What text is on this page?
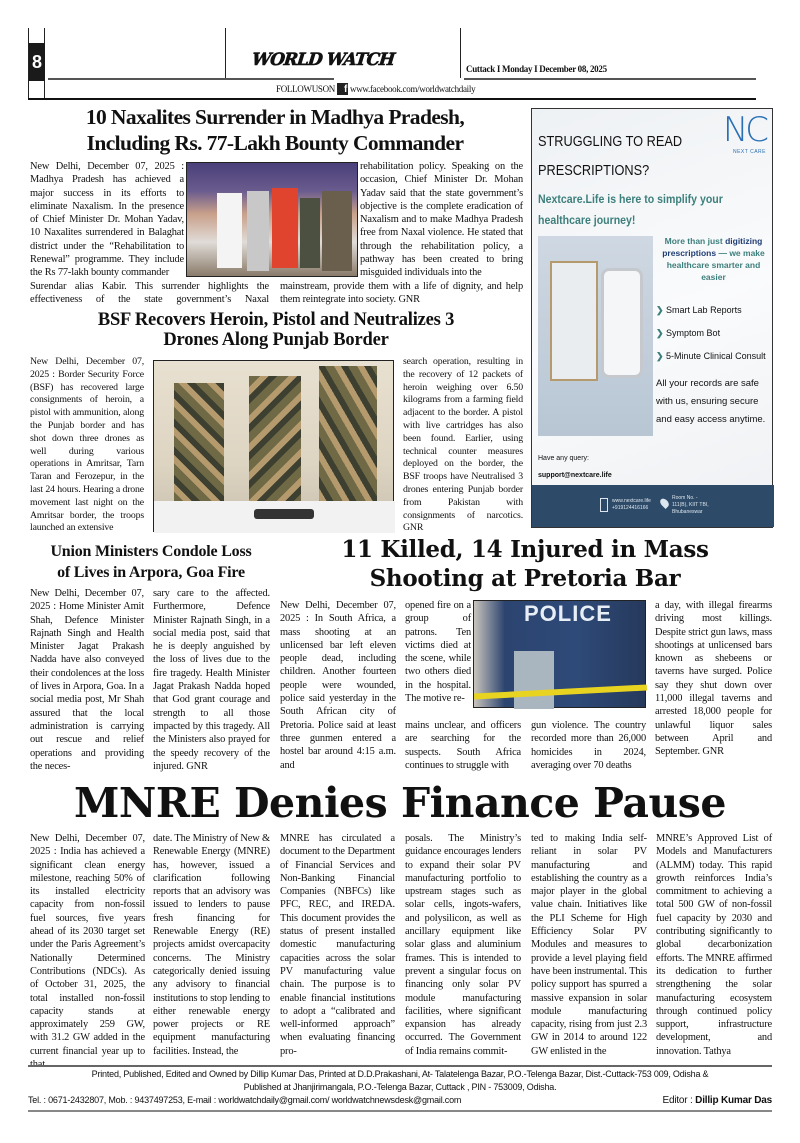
8	WORLD WATCH	Cuttack I Monday I December 08, 2025
FOLLOWUSON f www.facebook.com/worldwatchdaily
10 Naxalites Surrender in Madhya Pradesh,
Including Rs. 77-Lakh Bounty Commander
New Delhi, December 07, 2025 : Madhya Pradesh has achieved a major success in its efforts to eliminate Naxalism. In the presence of Chief Minister Dr. Mohan Yadav, 10 Naxalites surrendered in Balaghat district under the “Rehabilitation to Renewal” programme. They include the Rs 77-lakh bounty commander
rehabilitation policy. Speaking on the occasion, Chief Minister Dr. Mohan Yadav said that the state government’s objective is the complete eradication of Naxalism and to make Madhya Pradesh free from Naxal violence. He stated that through the rehabilitation policy, a pathway has been created to bring misguided individuals into the
Surendar alias Kabir. This surrender highlights the effectiveness of the state government’s Naxal
mainstream, provide them with a life of dignity, and help them reintegrate into society. GNR
BSF Recovers Heroin, Pistol and Neutralizes 3
Drones Along Punjab Border
New Delhi, December 07, 2025 : Border Security Force (BSF) has recovered large consignments of heroin, a pistol with ammunition, along the Punjab border and has shot down three drones as well during various operations in Amritsar, Tarn Taran and Ferozepur, in the last 24 hours. Hearing a drone movement last night on the Amritsar border, the troops launched an extensive
search operation, resulting in the recovery of 12 packets of heroin weighing over 6.50 kilograms from a farming field adjacent to the border. A pistol with live cartridges has also been found. Earlier, using technical counter measures deployed on the border, the BSF troops have Neutralised 3 drones entering Punjab border from Pakistan with consignments of narcotics. GNR
Union Ministers Condole Loss
of Lives in Arpora, Goa Fire
New Delhi, December 07, 2025 : Home Minister Amit Shah, Defence Minister Rajnath Singh and Health Minister Jagat Prakash Nadda have also conveyed their condolences at the loss of lives in Arpora, Goa. In a social media post, Mr Shah assured that the local administration is carrying out rescue and relief operations and providing the neces-
sary care to the affected. Furthermore, Defence Minister Rajnath Singh, in a social media post, said that he is deeply anguished by the loss of lives due to the fire tragedy. Health Minister Jagat Prakash Nadda hoped that God grant courage and strength to all those impacted by this tragedy. All the Ministers also prayed for the speedy recovery of the injured. GNR
11 Killed, 14 Injured in Mass
Shooting at Pretoria Bar
New Delhi, December 07, 2025 : In South Africa, a mass shooting at an unlicensed bar left eleven people dead, including children. Another fourteen people were wounded, police said yesterday in the South African city of Pretoria. Police said at least three gunmen entered a hostel bar around 4:15 a.m. and
opened fire on a group of patrons. Ten victims died at the scene, while two others died in the hospital. The motive re-
POLICE
mains unclear, and officers are searching for the suspects. South Africa continues to struggle with
gun violence. The country recorded more than 26,000 homicides in 2024, averaging over 70 deaths
a day, with illegal firearms driving most killings. Despite strict gun laws, mass shootings at unlicensed bars known as shebeens or taverns have surged. Police say they shut down over 11,000 illegal taverns and arrested 18,000 people for unlawful liquor sales between April and September. GNR
NC
NEXT CARE
STRUGGLING TO READ
PRESCRIPTIONS?
Nextcare.Life is here to simplify your
healthcare journey!
More than just digitizing prescriptions — we make healthcare smarter and easier
❯ Smart Lab Reports
❯ Symptom Bot
❯ 5-Minute Clinical Consult
All your records are safe with us, ensuring secure and easy access anytime.
Have any query:
support@nextcare.life
www.nextcare.life
+919124416166
Room No. - 111(B), KIIT TBI, Bhubaneswar
MNRE Denies Finance Pause
New Delhi, December 07, 2025 : India has achieved a significant clean energy milestone, reaching 50% of its installed electricity capacity from non-fossil fuel sources, five years ahead of its 2030 target set under the Paris Agreement’s Nationally Determined Contributions (NDCs). As of October 31, 2025, the total installed non-fossil capacity stands at approximately 259 GW, with 31.2 GW added in the current financial year up to
date. The Ministry of New & Renewable Energy (MNRE) has, however, issued a clarification following reports that an advisory was issued to lenders to pause fresh financing for Renewable Energy (RE) projects amidst overcapacity concerns. The Ministry categorically denied issuing any advisory to financial institutions to stop lending to either renewable energy power projects or RE equipment manufacturing facilities. Instead, the
MNRE has circulated a document to the Department of Financial Services and Non-Banking Financial Companies (NBFCs) like PFC, REC, and IREDA. This document provides the status of present installed domestic manufacturing capacities across the solar PV manufacturing value chain. The purpose is to enable financial institutions to adopt a “calibrated and well-informed approach” when evaluating financing pro-
posals. The Ministry’s guidance encourages lenders to expand their solar PV manufacturing portfolio to upstream stages such as solar cells, ingots-wafers, and polysilicon, as well as ancillary equipment like solar glass and aluminium frames. This is intended to prevent a singular focus on financing only solar PV module manufacturing facilities, where significant expansion has already occurred. The Government of India remains commit-
ted to making India self-reliant in solar PV manufacturing and establishing the country as a major player in the global value chain. Initiatives like the PLI Scheme for High Efficiency Solar PV Modules and measures to provide a level playing field have been instrumental. This policy support has spurred a massive expansion in solar module manufacturing capacity, rising from just 2.3 GW in 2014 to around 122 GW enlisted in the
MNRE’s Approved List of Models and Manufacturers (ALMM) today. This rapid growth reinforces India’s commitment to achieving a total 500 GW of non-fossil fuel capacity by 2030 and contributing significantly to global decarbonization efforts. The MNRE affirmed its dedication to further strengthening the solar manufacturing ecosystem through continued policy support, infrastructure development, and innovation. Tathya
Printed, Published, Edited and Owned by Dillip Kumar Das, Printed at D.D.Prakashani, At- Talatelenga Bazar, P.O.-Telenga Bazar, Dist.-Cuttack-753 009, Odisha &
Published at Jhanjirimangala, P.O.-Telenga Bazar, Cuttack , PIN - 753009, Odisha.
Tel. : 0671-2432807, Mob. : 9437497253, E-mail : worldwatchdaily@gmail.com/ worldwatchnewsdesk@gmail.com	Editor : Dillip Kumar Das
